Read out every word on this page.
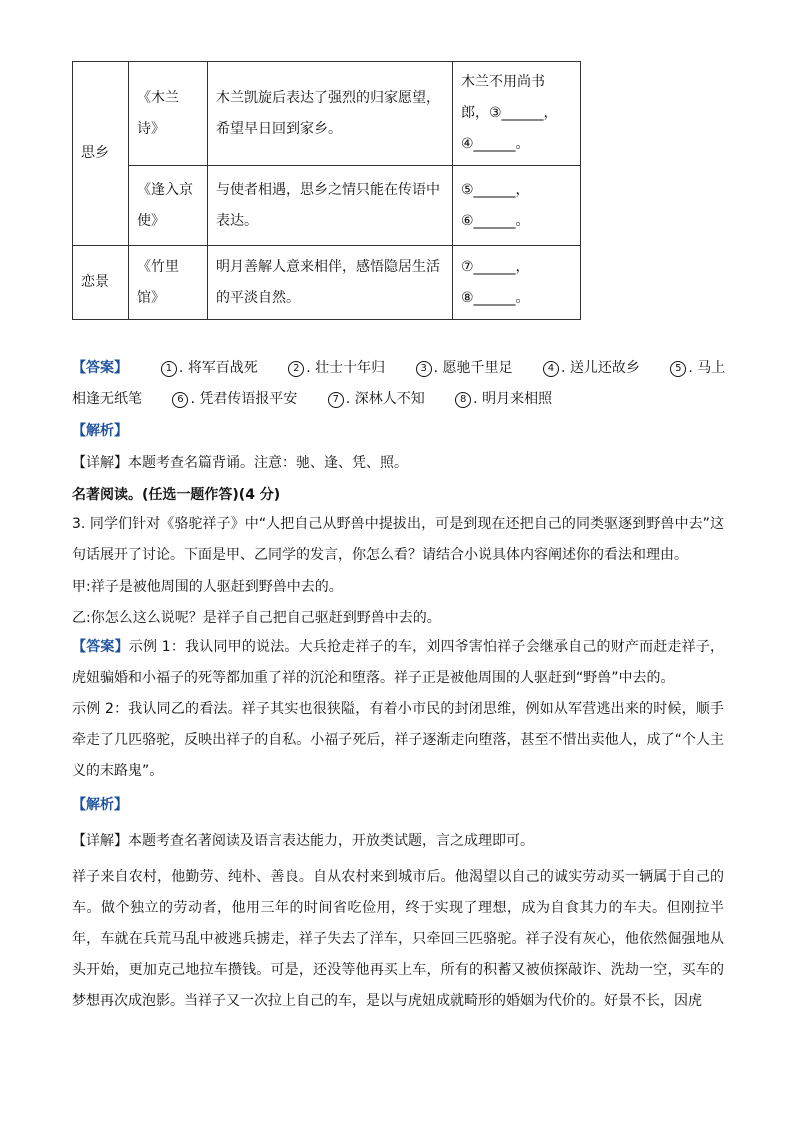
思乡	《木兰诗》	木兰凯旋后表达了强烈的归家愿望，希望早日回到家乡。	木兰不用尚书郎，③______，④______。
	《逢入京使》	与使者相遇，思乡之情只能在传语中表达。	⑤______，⑥______。
恋景	《竹里馆》	明月善解人意来相伴，感悟隐居生活的平淡自然。	⑦______，⑧______。
【答案】	1 . 将军百战死	2 . 壮士十年归	3 . 愿驰千里足	4 . 送儿还故乡	5 . 马上
相逢无纸笔	6 . 凭君传语报平安	7 . 深林人不知	8 . 明月来相照
【解析】
【详解】本题考查名篇背诵。注意：驰、逢、凭、照。
名著阅读。(任选一题作答)(4 分)
3. 同学们针对《骆驼祥子》中“人把自己从野兽中提拔出，可是到现在还把自己的同类驱逐到野兽中去”这句话展开了讨论。下面是甲、乙同学的发言，你怎么看？请结合小说具体内容阐述你的看法和理由。
甲:祥子是被他周围的人驱赶到野兽中去的。
乙:你怎么这么说呢？是祥子自己把自己驱赶到野兽中去的。
【答案】示例 1：我认同甲的说法。大兵抢走祥子的车，刘四爷害怕祥子会继承自己的财产而赶走祥子，虎妞骗婚和小福子的死等都加重了祥的沉沦和堕落。祥子正是被他周围的人驱赶到“野兽”中去的。
示例 2：我认同乙的看法。祥子其实也很狭隘，有着小市民的封闭思维，例如从军营逃出来的时候，顺手牵走了几匹骆驼，反映出祥子的自私。小福子死后，祥子逐渐走向堕落，甚至不惜出卖他人，成了“个人主义的末路鬼”。
【解析】
【详解】本题考查名著阅读及语言表达能力，开放类试题，言之成理即可。
祥子来自农村，他勤劳、纯朴、善良。自从农村来到城市后。他渴望以自己的诚实劳动买一辆属于自己的车。做个独立的劳动者，他用三年的时间省吃俭用，终于实现了理想，成为自食其力的车夫。但刚拉半年，车就在兵荒马乱中被逃兵掳走，祥子失去了洋车，只牵回三匹骆驼。祥子没有灰心，他依然倔强地从头开始，更加克己地拉车攒钱。可是，还没等他再买上车，所有的积蓄又被侦探敲诈、洗劫一空，买车的梦想再次成泡影。当祥子又一次拉上自己的车，是以与虎妞成就畸形的婚姻为代价的。好景不长，因虎
